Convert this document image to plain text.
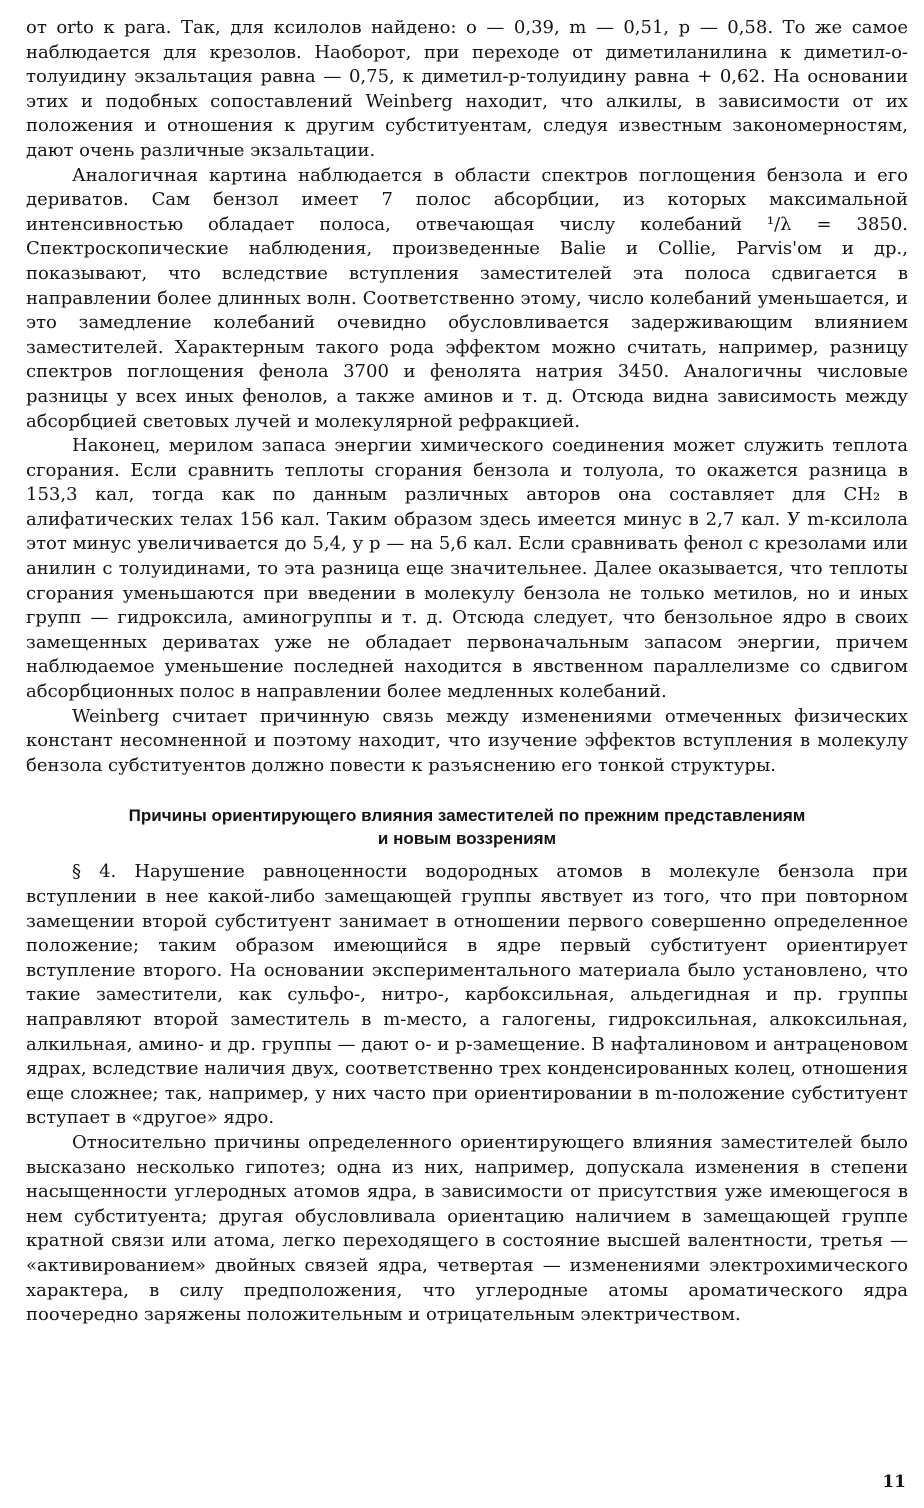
от ortо к para. Так, для ксилолов найдено: о — 0,39, m — 0,51, р — 0,58. То же самое наблюдается для крезолов. Наоборот, при переходе от диметиланилина к диметил-о-толуидину экзальтация равна — 0,75, к диметил-р-толуидину равна + 0,62. На основании этих и подобных сопоставлений Weinberg находит, что алкилы, в зависимости от их положения и отношения к другим субституентам, следуя известным закономерностям, дают очень различные экзальтации.

Аналогичная картина наблюдается в области спектров поглощения бензола и его дериватов. Сам бензол имеет 7 полос абсорбции, из которых максимальной интенсивностью обладает полоса, отвечающая числу колебаний ¹/λ = 3850. Спектроскопические наблюдения, произведенные Balie и Collie, Parvis'ом и др., показывают, что вследствие вступления заместителей эта полоса сдвигается в направлении более длинных волн. Соответственно этому, число колебаний уменьшается, и это замедление колебаний очевидно обусловливается задерживающим влиянием заместителей. Характерным такого рода эффектом можно считать, например, разницу спектров поглощения фенола 3700 и фенолята натрия 3450. Аналогичны числовые разницы у всех иных фенолов, а также аминов и т. д. Отсюда видна зависимость между абсорбцией световых лучей и молекулярной рефракцией.

Наконец, мерилом запаса энергии химического соединения может служить теплота сгорания. Если сравнить теплоты сгорания бензола и толуола, то окажется разница в 153,3 кал, тогда как по данным различных авторов она составляет для CH₂ в алифатических телах 156 кал. Таким образом здесь имеется минус в 2,7 кал. У m-ксилола этот минус увеличивается до 5,4, у р — на 5,6 кал. Если сравнивать фенол с крезолами или анилин с толуидинами, то эта разница еще значительнее. Далее оказывается, что теплоты сгорания уменьшаются при введении в молекулу бензола не только метилов, но и иных групп — гидроксила, аминогруппы и т. д. Отсюда следует, что бензольное ядро в своих замещенных дериватах уже не обладает первоначальным запасом энергии, причем наблюдаемое уменьшение последней находится в явственном параллелизме со сдвигом абсорбционных полос в направлении более медленных колебаний.

Weinberg считает причинную связь между изменениями отмеченных физических констант несомненной и поэтому находит, что изучение эффектов вступления в молекулу бензола субституентов должно повести к разъяснению его тонкой структуры.

Причины ориентирующего влияния заместителей по прежним представлениям
и новым воззрениям

§ 4. Нарушение равноценности водородных атомов в молекуле бензола при вступлении в нее какой-либо замещающей группы явствует из того, что при повторном замещении второй субституент занимает в отношении первого совершенно определенное положение; таким образом имеющийся в ядре первый субституент ориентирует вступление второго. На основании экспериментального материала было установлено, что такие заместители, как сульфо-, нитро-, карбоксильная, альдегидная и пр. группы направляют второй заместитель в m-место, а галогены, гидроксильная, алкоксильная, алкильная, амино- и др. группы — дают о- и р-замещение. В нафталиновом и антраценовом ядрах, вследствие наличия двух, соответственно трех конденсированных колец, отношения еще сложнее; так, например, у них часто при ориентировании в m-положение субституент вступает в «другое» ядро.

Относительно причины определенного ориентирующего влияния заместителей было высказано несколько гипотез; одна из них, например, допускала изменения в степени насыщенности углеродных атомов ядра, в зависимости от присутствия уже имеющегося в нем субституента; другая обусловливала ориентацию наличием в замещающей группе кратной связи или атома, легко переходящего в состояние высшей валентности, третья — «активированием» двойных связей ядра, четвертая — изменениями электрохимического характера, в силу предположения, что углеродные атомы ароматического ядра поочередно заряжены положительным и отрицательным электричеством.

11
